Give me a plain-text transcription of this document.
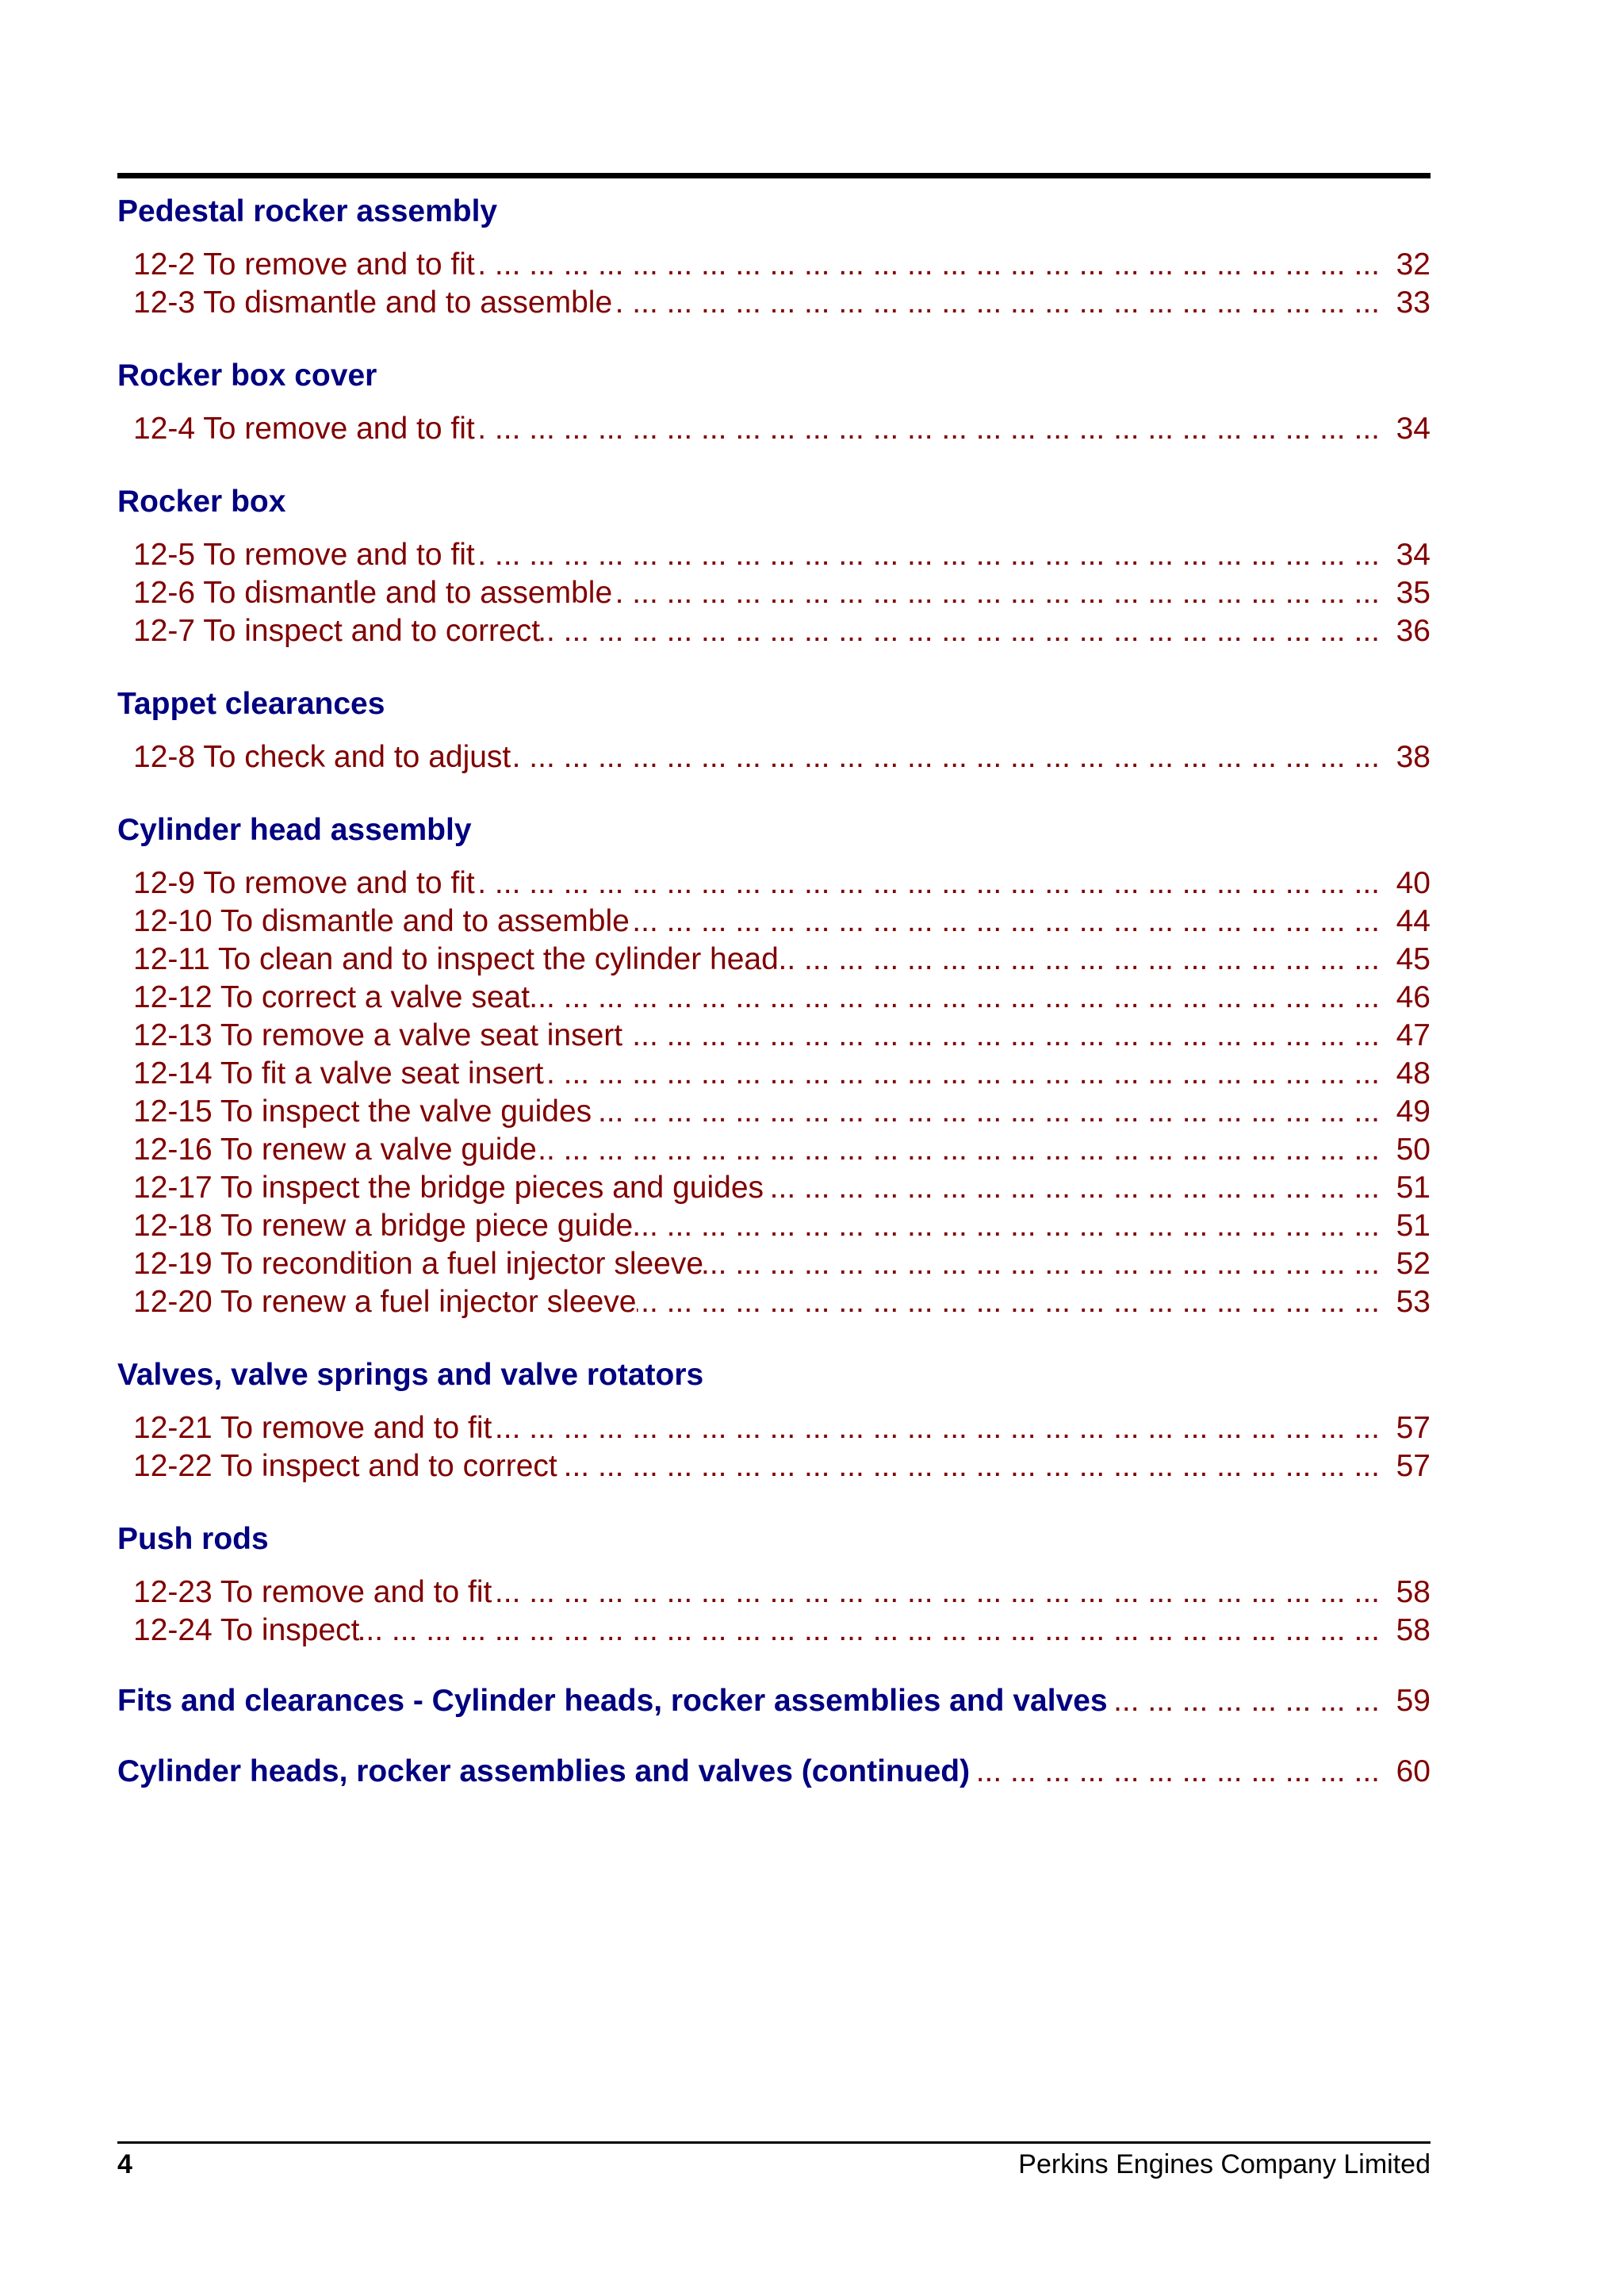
Pedestal rocker assembly
12-2 To remove and to fit ... .	32
12-3 To dismantle and to assemble ... .	33
Rocker box cover
12-4 To remove and to fit ... .	34
Rocker box
12-5 To remove and to fit ... .	34
12-6 To dismantle and to assemble ... .	35
12-7 To inspect and to correct ... .	36
Tappet clearances
12-8 To check and to adjust ... .	38
Cylinder head assembly
12-9 To remove and to fit ... .	40
12-10 To dismantle and to assemble ... .	44
12-11 To clean and to inspect the cylinder head ... .	45
12-12 To correct a valve seat ... .	46
12-13 To remove a valve seat insert ... .	47
12-14 To fit a valve seat insert ... .	48
12-15 To inspect the valve guides ... .	49
12-16 To renew a valve guide ... .	50
12-17 To inspect the bridge pieces and guides ... .	51
12-18 To renew a bridge piece guide ... .	51
12-19 To recondition a fuel injector sleeve ... .	52
12-20 To renew a fuel injector sleeve ... .	53
Valves, valve springs and valve rotators
12-21 To remove and to fit ... .	57
12-22 To inspect and to correct ... .	57
Push rods
12-23 To remove and to fit ... .	58
12-24 To inspect ... .	58
Fits and clearances - Cylinder heads, rocker assemblies and valves ... .	59
Cylinder heads, rocker assemblies and valves (continued) ... .	60
4	Perkins Engines Company Limited
